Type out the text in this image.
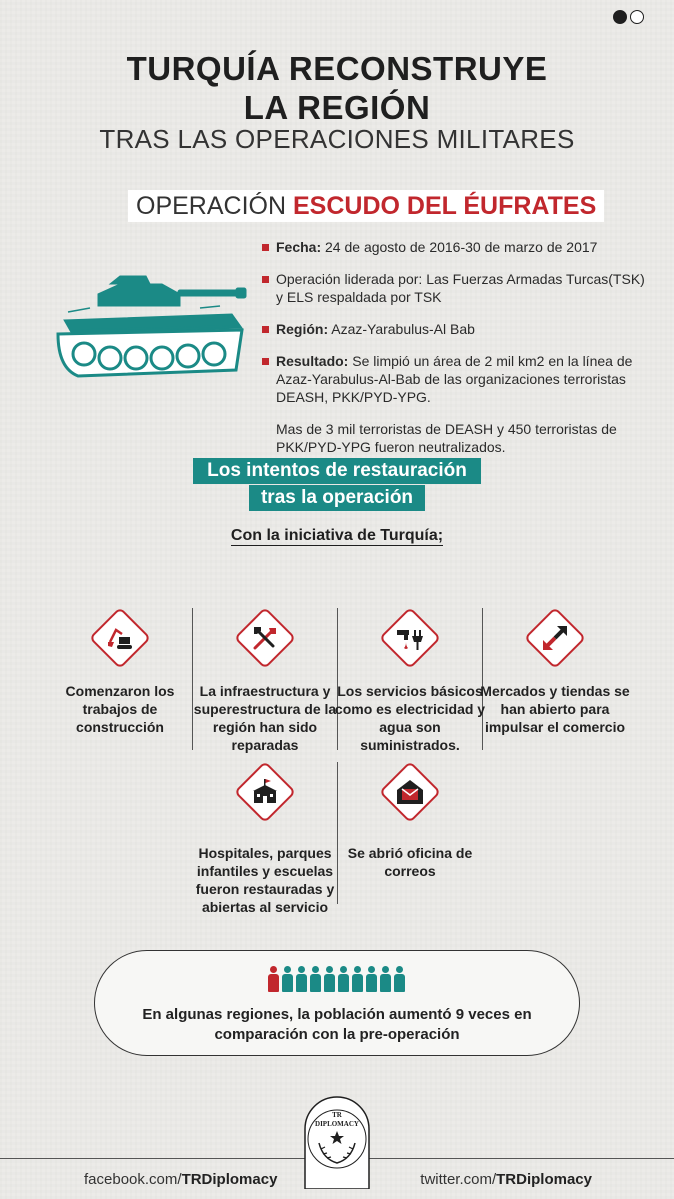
TURQUÍA RECONSTRUYE
LA REGIÓN
TRAS LAS OPERACIONES MILITARES
OPERACIÓN ESCUDO DEL ÉUFRATES
Fecha: 24 de agosto de 2016-30 de marzo de 2017
Operación liderada por: Las Fuerzas Armadas Turcas(TSK) y ELS respaldada por TSK
Región: Azaz-Yarabulus-Al Bab
Resultado: Se limpió un área de 2 mil km2 en la línea de Azaz-Yarabulus-Al-Bab de las organizaciones terroristas DEASH, PKK/PYD-YPG.
Mas de 3 mil terroristas de DEASH y 450 terroristas de PKK/PYD-YPG fueron neutralizados.
Los intentos de restauración
tras la operación
Con la iniciativa de Turquía;
Comenzaron los trabajos de construcción
La infraestructura y superestructura de la región han sido reparadas
Los servicios básicos como es electricidad y agua son suministrados.
Mercados y tiendas se han abierto para impulsar el comercio
Hospitales, parques infantiles y escuelas fueron restauradas y abiertas al servicio
Se abrió oficina de correos
En algunas regiones, la población aumentó 9 veces en comparación con la pre-operación
TR
DIPLOMACY
facebook.com/TRDiplomacy	twitter.com/TRDiplomacy
